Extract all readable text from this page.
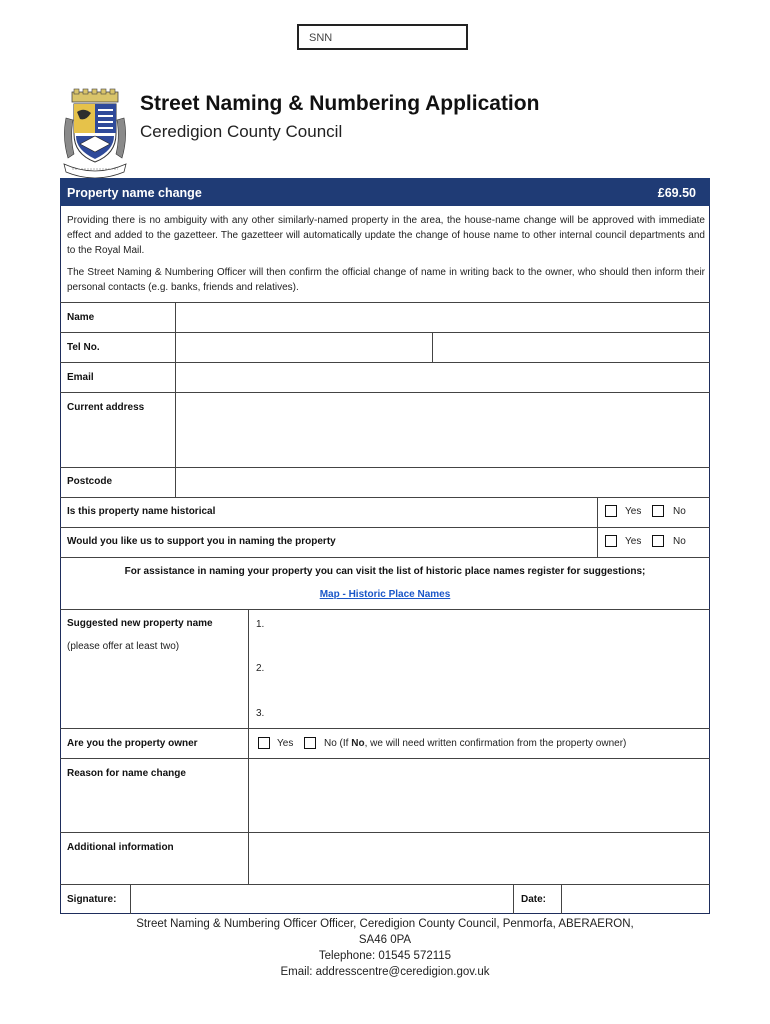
SNN
Street Naming & Numbering Application
Ceredigion County Council
Property name change	£69.50
Providing there is no ambiguity with any other similarly-named property in the area, the house-name change will be approved with immediate effect and added to the gazetteer. The gazetteer will automatically update the change of house name to other internal council departments and to the Royal Mail.
The Street Naming & Numbering Officer will then confirm the official change of name in writing back to the owner, who should then inform their personal contacts (e.g. banks, friends and relatives).
Name
Tel No.
Email
Current address
Postcode
Is this property name historical	Yes	No
Would you like us to support you in naming the property	Yes	No
For assistance in naming your property you can visit the list of historic place names register for suggestions;
Map - Historic Place Names
Suggested new property name
(please offer at least two)
1.
2.
3.
Are you the property owner	Yes	No (If No, we will need written confirmation from the property owner)
Reason for name change
Additional information
Signature:	Date:
Street Naming & Numbering Officer Officer, Ceredigion County Council, Penmorfa, ABERAERON,
SA46 0PA
Telephone: 01545 572115
Email: addresscentre@ceredigion.gov.uk
